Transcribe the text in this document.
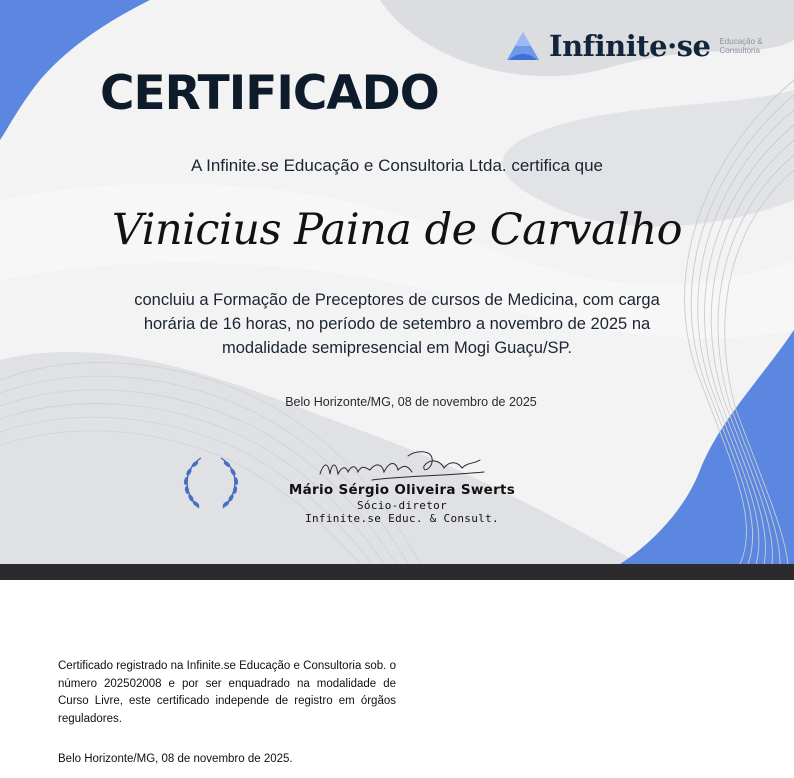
Infinite·se Educação & Consultoria
CERTIFICADO
A Infinite.se Educação e Consultoria Ltda. certifica que
Vinicius Paina de Carvalho
concluiu a Formação de Preceptores de cursos de Medicina, com carga horária de 16 horas, no período de setembro a novembro de 2025 na modalidade semipresencial em Mogi Guaçu/SP.
Belo Horizonte/MG, 08 de novembro de 2025
Mário Sérgio Oliveira Swerts
Sócio-diretor
Infinite.se Educ. & Consult.
Certificado registrado na Infinite.se Educação e Consultoria sob. o número 202502008 e por ser enquadrado na modalidade de Curso Livre, este certificado independe de registro em órgãos reguladores.
Belo Horizonte/MG, 08 de novembro de 2025.
